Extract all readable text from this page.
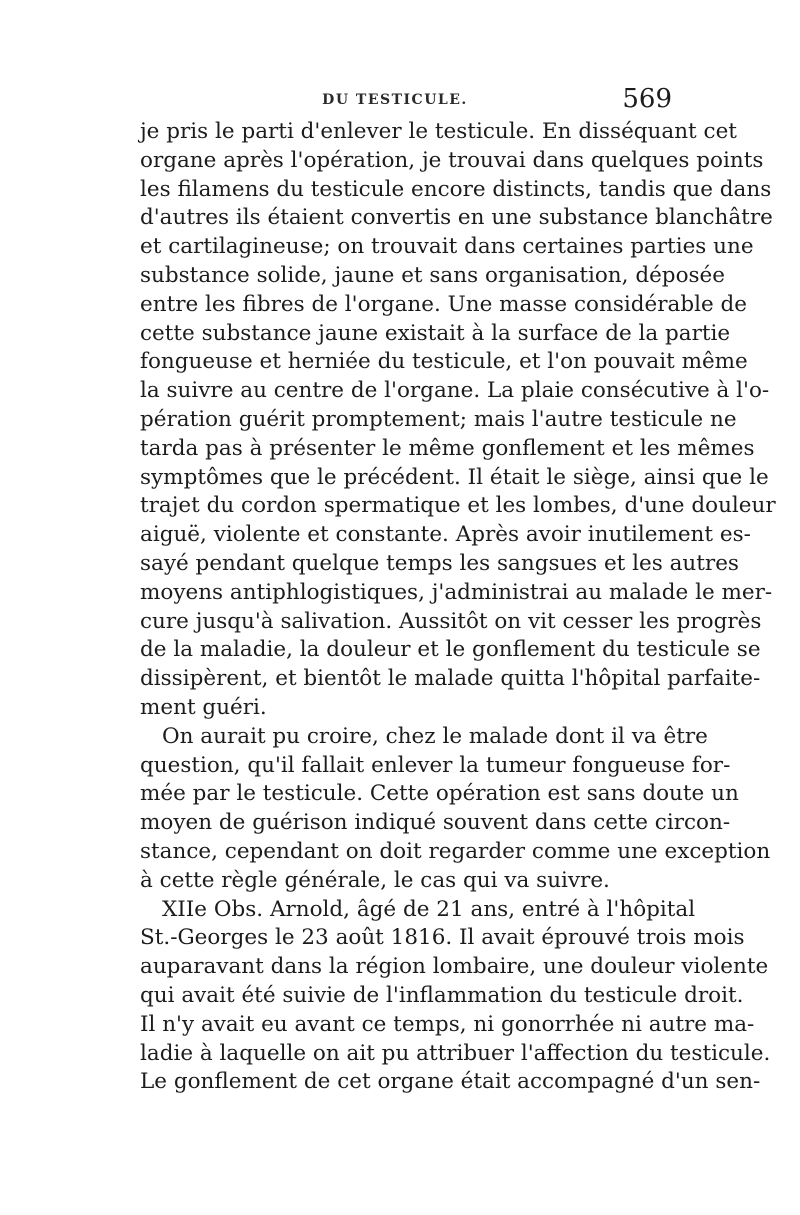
DU TESTICULE.	569
je pris le parti d'enlever le testicule. En disséquant cet
organe après l'opération, je trouvai dans quelques points
les filamens du testicule encore distincts, tandis que dans
d'autres ils étaient convertis en une substance blanchâtre
et cartilagineuse; on trouvait dans certaines parties une
substance solide, jaune et sans organisation, déposée
entre les fibres de l'organe. Une masse considérable de
cette substance jaune existait à la surface de la partie
fongueuse et herniée du testicule, et l'on pouvait même
la suivre au centre de l'organe. La plaie consécutive à l'o-
pération guérit promptement; mais l'autre testicule ne
tarda pas à présenter le même gonflement et les mêmes
symptômes que le précédent. Il était le siège, ainsi que le
trajet du cordon spermatique et les lombes, d'une douleur
aiguë, violente et constante. Après avoir inutilement es-
sayé pendant quelque temps les sangsues et les autres
moyens antiphlogistiques, j'administrai au malade le mer-
cure jusqu'à salivation. Aussitôt on vit cesser les progrès
de la maladie, la douleur et le gonflement du testicule se
dissipèrent, et bientôt le malade quitta l'hôpital parfaite-
ment guéri.
On aurait pu croire, chez le malade dont il va être
question, qu'il fallait enlever la tumeur fongueuse for-
mée par le testicule. Cette opération est sans doute un
moyen de guérison indiqué souvent dans cette circon-
stance, cependant on doit regarder comme une exception
à cette règle générale, le cas qui va suivre.
XIIe Obs. Arnold, âgé de 21 ans, entré à l'hôpital
St.-Georges le 23 août 1816. Il avait éprouvé trois mois
auparavant dans la région lombaire, une douleur violente
qui avait été suivie de l'inflammation du testicule droit.
Il n'y avait eu avant ce temps, ni gonorrhée ni autre ma-
ladie à laquelle on ait pu attribuer l'affection du testicule.
Le gonflement de cet organe était accompagné d'un sen-
